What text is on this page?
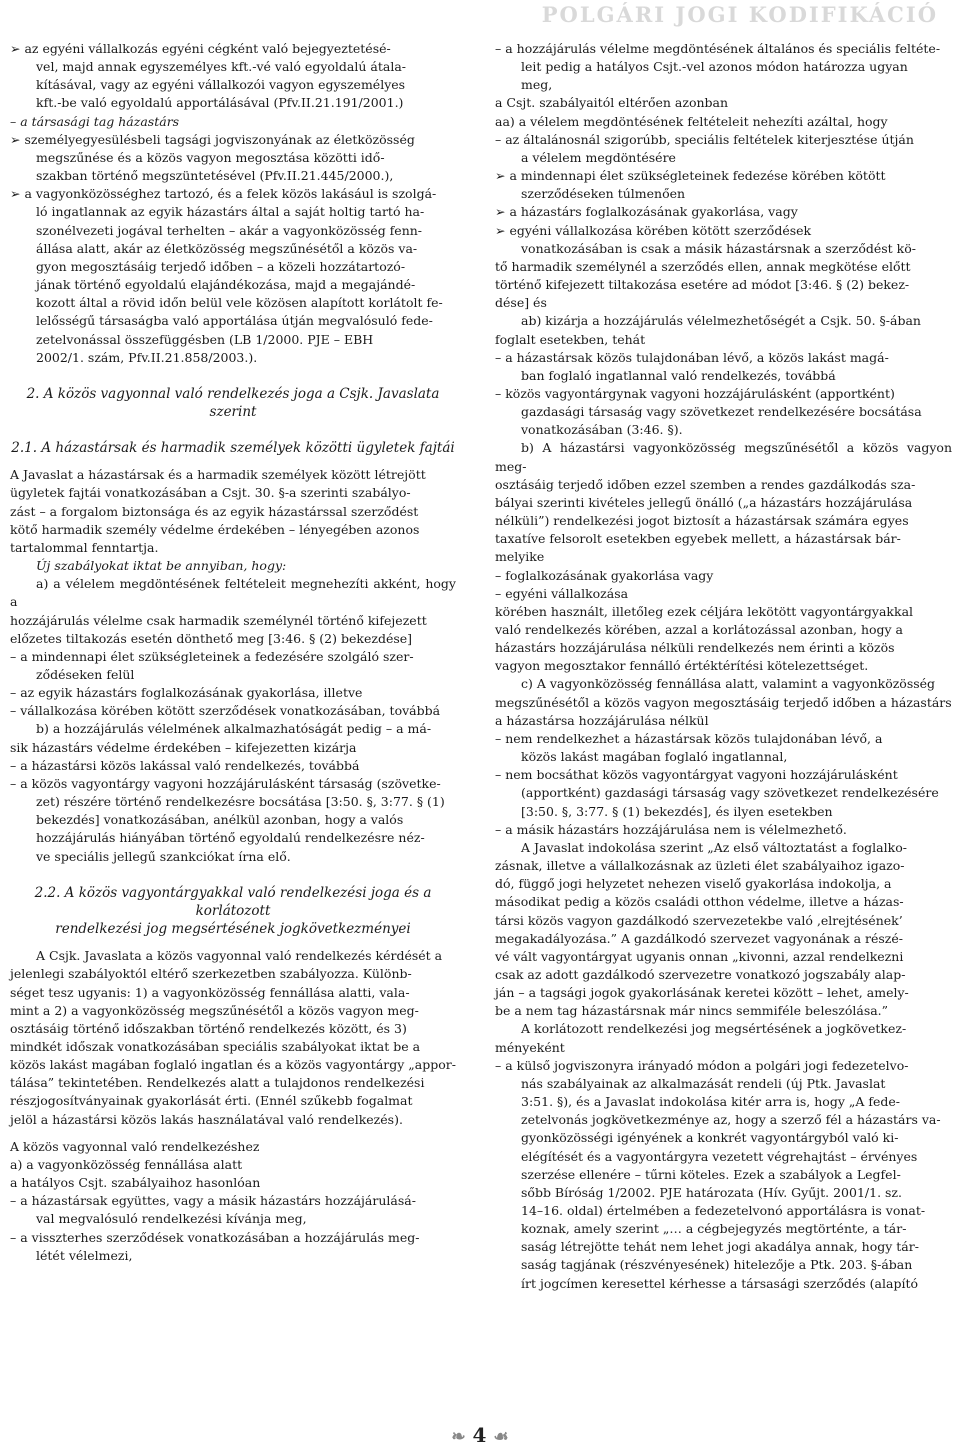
POLGÁRI JOGI KODIFIKÁCIÓ

➢ az egyéni vállalkozás egyéni cégként való bejegyeztetésé-
vel, majd annak egyszemélyes kft.-vé való egyoldalú átala-
kításával, vagy az egyéni vállalkozói vagyon egyszemélyes
kft.-be való egyoldalú apportálásával (Pfv.II.21.191/2001.)

– a társasági tag házastárs

➢ személyegyesülésbeli tagsági jogviszonyának az életközösség
megszűnése és a közös vagyon megosztása közötti idő-
szakban történő megszüntetésével (Pfv.II.21.445/2000.),

➢ a vagyonközösséghez tartozó, és a felek közös lakásául is szolgá-
ló ingatlannak az egyik házastárs által a saját holtig tartó ha-
szonélvezeti jogával terhelten – akár a vagyonközösség fenn-
állása alatt, akár az életközösség megszűnésétől a közös va-
gyon megosztásáig terjedő időben – a közeli hozzátartozó-
jának történő egyoldalú elajándékozása, majd a megajándé-
kozott által a rövid időn belül vele közösen alapított korlátolt fe-
lelősségű társaságba való apportálása útján megvalósuló fede-
zetelvonással összefüggésben (LB 1/2000. PJE – EBH
2002/1. szám, Pfv.II.21.858/2003.).

2. A közös vagyonnal való rendelkezés joga a Csjk. Javaslata
szerint

2.1. A házastársak és harmadik személyek közötti ügyletek fajtái

A Javaslat a házastársak és a harmadik személyek között létrejött
ügyletek fajtái vonatkozásában a Csjt. 30. §-a szerinti szabályo-
zást – a forgalom biztonsága és az egyik házastárssal szerződést
kötő harmadik személy védelme érdekében – lényegében azonos
tartalommal fenntartja.

Új szabályokat iktat be annyiban, hogy:

a) a vélelem megdöntésének feltételeit megnehezíti akként, hogy a
hozzájárulás vélelme csak harmadik személynél történő kifejezett
előzetes tiltakozás esetén dönthető meg [3:46. § (2) bekezdése]

– a mindennapi élet szükségleteinek a fedezésére szolgáló szer-
ződéseken felül

– az egyik házastárs foglalkozásának gyakorlása, illetve

– vállalkozása körében kötött szerződések vonatkozásában, továbbá

b) a hozzájárulás vélelmének alkalmazhatóságát pedig – a má-
sik házastárs védelme érdekében – kifejezetten kizárja

– a házastársi közös lakással való rendelkezés, továbbá

– a közös vagyontárgy vagyoni hozzájárulásként társaság (szövetke-
zet) részére történő rendelkezésre bocsátása [3:50. §, 3:77. § (1)
bekezdés] vonatkozásában, anélkül azonban, hogy a valós
hozzájárulás hiányában történő egyoldalú rendelkezésre néz-
ve speciális jellegű szankciókat írna elő.

2.2. A közös vagyontárgyakkal való rendelkezési joga és a korlátozott
rendelkezési jog megsértésének jogkövetkezményei

A Csjk. Javaslata a közös vagyonnal való rendelkezés kérdését a
jelenlegi szabályoktól eltérő szerkezetben szabályozza. Különb-
séget tesz ugyanis: 1) a vagyonközösség fennállása alatti, vala-
mint a 2) a vagyonközösség megszűnésétől a közös vagyon meg-
osztásáig történő időszakban történő rendelkezés között, és 3)
mindkét időszak vonatkozásában speciális szabályokat iktat be a
közös lakást magában foglaló ingatlan és a közös vagyontárgy „appor-
tálása” tekintetében. Rendelkezés alatt a tulajdonos rendelkezési
részjogosítványainak gyakorlását érti. (Ennél szűkebb fogalmat
jelöl a házastársi közös lakás használatával való rendelkezés).

A közös vagyonnal való rendelkezéshez

a) a vagyonközösség fennállása alatt

a hatályos Csjt. szabályaihoz hasonlóan

– a házastársak együttes, vagy a másik házastárs hozzájárulásá-
val megvalósuló rendelkezési kívánja meg,

– a visszterhes szerződések vonatkozásában a hozzájárulás meg-
létét vélelmezi,

– a hozzájárulás vélelme megdöntésének általános és speciális feltéte-
leit pedig a hatályos Csjt.-vel azonos módon határozza ugyan
meg,

a Csjt. szabályaitól eltérően azonban

aa) a vélelem megdöntésének feltételeit nehezíti azáltal, hogy

– az általánosnál szigorúbb, speciális feltételek kiterjesztése útján
a vélelem megdöntésére

➢ a mindennapi élet szükségleteinek fedezése körében kötött
szerződéseken túlmenően

➢ a házastárs foglalkozásának gyakorlása, vagy

➢ egyéni vállalkozása körében kötött szerződések

vonatkozásában is csak a másik házastársnak a szerződést kö-
tő harmadik személynél a szerződés ellen, annak megkötése előtt
történő kifejezett tiltakozása esetére ad módot [3:46. § (2) bekez-
dése] és

ab) kizárja a hozzájárulás vélelmezhetőségét a Csjk. 50. §-ában
foglalt esetekben, tehát

– a házastársak közös tulajdonában lévő, a közös lakást magá-
ban foglaló ingatlannal való rendelkezés, továbbá

– közös vagyontárgynak vagyoni hozzájárulásként (apportként)
gazdasági társaság vagy szövetkezet rendelkezésére bocsátása
vonatkozásában (3:46. §).

b) A házastársi vagyonközösség megszűnésétől a közös vagyon meg-
osztásáig terjedő időben ezzel szemben a rendes gazdálkodás sza-
bályai szerinti kivételes jellegű önálló („a házastárs hozzájárulása
nélküli”) rendelkezési jogot biztosít a házastársak számára egyes
taxatíve felsorolt esetekben egyebek mellett, a házastársak bár-
melyike

– foglalkozásának gyakorlása vagy

– egyéni vállalkozása

körében használt, illetőleg ezek céljára lekötött vagyontárgyakkal
való rendelkezés körében, azzal a korlátozással azonban, hogy a
házastárs hozzájárulása nélküli rendelkezés nem érinti a közös
vagyon megosztakor fennálló értéktérítési kötelezettséget.

c) A vagyonközösség fennállása alatt, valamint a vagyonközösség
megszűnésétől a közös vagyon megosztásáig terjedő időben a házastárs
a házastársa hozzájárulása nélkül

– nem rendelkezhet a házastársak közös tulajdonában lévő, a
közös lakást magában foglaló ingatlannal,

– nem bocsáthat közös vagyontárgyat vagyoni hozzájárulásként
(apportként) gazdasági társaság vagy szövetkezet rendelkezésére
[3:50. §, 3:77. § (1) bekezdés], és ilyen esetekben

– a másik házastárs hozzájárulása nem is vélelmezhető.

A Javaslat indokolása szerint „Az első változtatást a foglalko-
zásnak, illetve a vállalkozásnak az üzleti élet szabályaihoz igazo-
dó, függő jogi helyzetet nehezen viselő gyakorlása indokolja, a
másodikat pedig a közös családi otthon védelme, illetve a házas-
társi közös vagyon gazdálkodó szervezetekbe való ‚elrejtésének’
megakadályozása.” A gazdálkodó szervezet vagyonának a részé-
vé vált vagyontárgyat ugyanis onnan „kivonni, azzal rendelkezni
csak az adott gazdálkodó szervezetre vonatkozó jogszabály alap-
ján – a tagsági jogok gyakorlásának keretei között – lehet, amely-
be a nem tag házastársnak már nincs semmiféle beleszólása.”

A korlátozott rendelkezési jog megsértésének a jogkövetkez-
ményeként

– a külső jogviszonyra irányadó módon a polgári jogi fedezetelvo-
nás szabályainak az alkalmazását rendeli (új Ptk. Javaslat
3:51. §), és a Javaslat indokolása kitér arra is, hogy „A fede-
zetelvonás jogkövetkezménye az, hogy a szerző fél a házastárs va-
gyonközösségi igényének a konkrét vagyontárgyból való ki-
elégítését és a vagyontárgyra vezetett végrehajtást – érvényes
szerzése ellenére – tűrni köteles. Ezek a szabályok a Legfel-
sőbb Bíróság 1/2002. PJE határozata (Hív. Gyűjt. 2001/1. sz.
14–16. oldal) értelmében a fedezetelvonó apportálásra is vonat-
koznak, amely szerint „… a cégbejegyzés megtörténte, a tár-
saság létrejötte tehát nem lehet jogi akadálya annak, hogy tár-
saság tagjának (részvényesének) hitelezője a Ptk. 203. §-ában
írt jogcímen keresettel kérhesse a társasági szerződés (alapító

❧ 4 ☙
